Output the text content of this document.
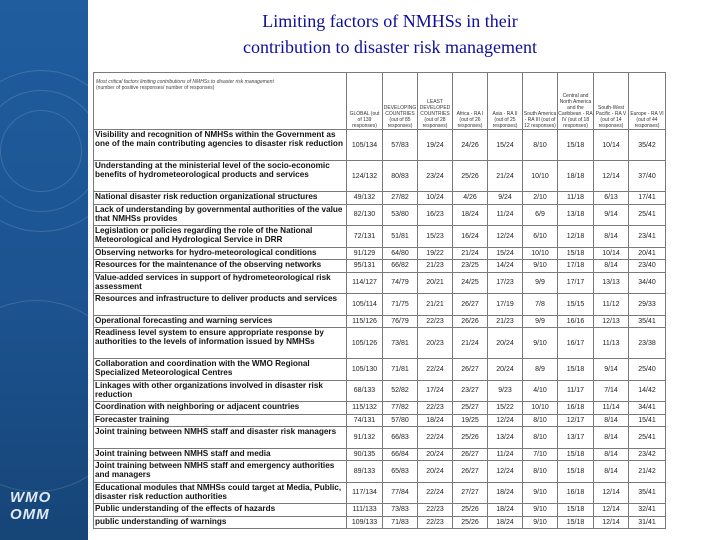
WMO
OMM
Limiting factors of NMHSs in their
contribution to disaster risk management
Most critical factors limiting contributions of NMHSs to disaster risk management
(number of positive responses/ number of responses)	GLOBAL (out of 139 responses)	DEVELOPING COUNTRIES (out of 85 responses)	LEAST DEVELOPED COUNTRIES (out of 28 responses)	Africa - RA I (out of 26 responses)	Asia - RA II (out of 25 responses)	South America - RA III (out of 12 responses)	Central and North America and the Caribbean - RA IV (out of 18 responses)	South-West Pacific - RA V (out of 14 responses)	Europe - RA VI (out of 44 responses)
Visibility and recognition of NMHSs within the Government as one of the main contributing agencies to disaster risk reduction	105/134	57/83	19/24	24/26	15/24	8/10	15/18	10/14	35/42
Understanding at the ministerial level of the socio-economic benefits of hydrometeorological products and services	124/132	80/83	23/24	25/26	21/24	10/10	18/18	12/14	37/40
National disaster risk reduction organizational structures	49/132	27/82	10/24	4/26	9/24	2/10	11/18	6/13	17/41
Lack of understanding by governmental authorities of the value that NMHSs provides	82/130	53/80	16/23	18/24	11/24	6/9	13/18	9/14	25/41
Legislation or policies regarding the role of the National Meteorological and Hydrological Service in DRR	72/131	51/81	15/23	16/24	12/24	6/10	12/18	8/14	23/41
Observing networks for hydro-meteorological conditions	91/129	64/80	19/22	21/24	15/24	10/10	15/18	10/14	20/41
Resources for the maintenance of the observing networks	95/131	66/82	21/23	23/25	14/24	9/10	17/18	8/14	23/40
Value-added services in support of hydrometeorological risk assessment	114/127	74/79	20/21	24/25	17/23	9/9	17/17	13/13	34/40
Resources and infrastructure to deliver products and services	105/114	71/75	21/21	26/27	17/19	7/8	15/15	11/12	29/33
Operational forecasting and warning services	115/126	76/79	22/23	26/26	21/23	9/9	16/16	12/13	35/41
Readiness level system to ensure appropriate response by authorities to the levels of information issued by NMHSs	105/126	73/81	20/23	21/24	20/24	9/10	16/17	11/13	23/38
Collaboration and coordination with the WMO Regional Specialized Meteorological Centres	105/130	71/81	22/24	26/27	20/24	8/9	15/18	9/14	25/40
Linkages with other organizations involved in disaster risk reduction	68/133	52/82	17/24	23/27	9/23	4/10	11/17	7/14	14/42
Coordination with neighboring or adjacent countries	115/132	77/82	22/23	25/27	15/22	10/10	16/18	11/14	34/41
Forecaster training	74/131	57/80	18/24	19/25	12/24	8/10	12/17	8/14	15/41
Joint training between NMHS staff and disaster risk managers	91/132	66/83	22/24	25/26	13/24	8/10	13/17	8/14	25/41
Joint training between NMHS staff and media	90/135	66/84	20/24	26/27	11/24	7/10	15/18	8/14	23/42
Joint training between NMHS staff and emergency authorities and managers	89/133	65/83	20/24	26/27	12/24	8/10	15/18	8/14	21/42
Educational modules that NMHSs could target at Media, Public, disaster risk reduction authorities	117/134	77/84	22/24	27/27	18/24	9/10	16/18	12/14	35/41
Public understanding of the effects of hazards	111/133	73/83	22/23	25/26	18/24	9/10	15/18	12/14	32/41
public understanding of warnings	109/133	71/83	22/23	25/26	18/24	9/10	15/18	12/14	31/41
